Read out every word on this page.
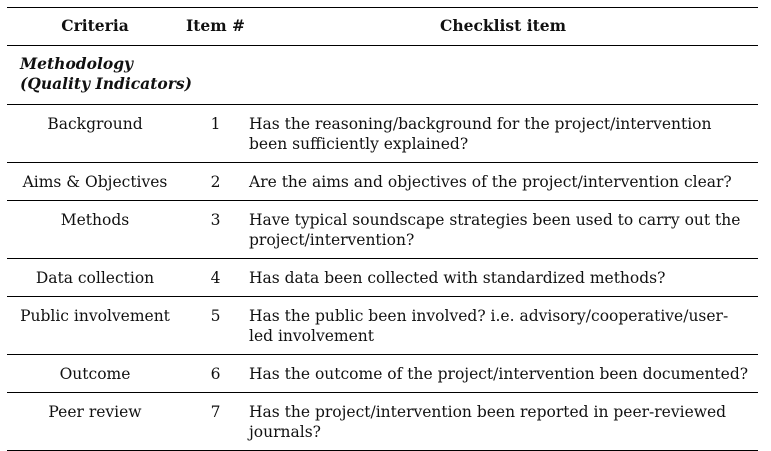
Criteria	Item #	Checklist item
Methodology
(Quality Indicators)		
Background	1	Has the reasoning/background for the project/intervention been sufficiently explained?
Aims & Objectives	2	Are the aims and objectives of the project/intervention clear?
Methods	3	Have typical soundscape strategies been used to carry out the project/intervention?
Data collection	4	Has data been collected with standardized methods?
Public involvement	5	Has the public been involved? i.e. advisory/cooperative/user-led involvement
Outcome	6	Has the outcome of the project/intervention been documented?
Peer review	7	Has the project/intervention been reported in peer-reviewed journals?
